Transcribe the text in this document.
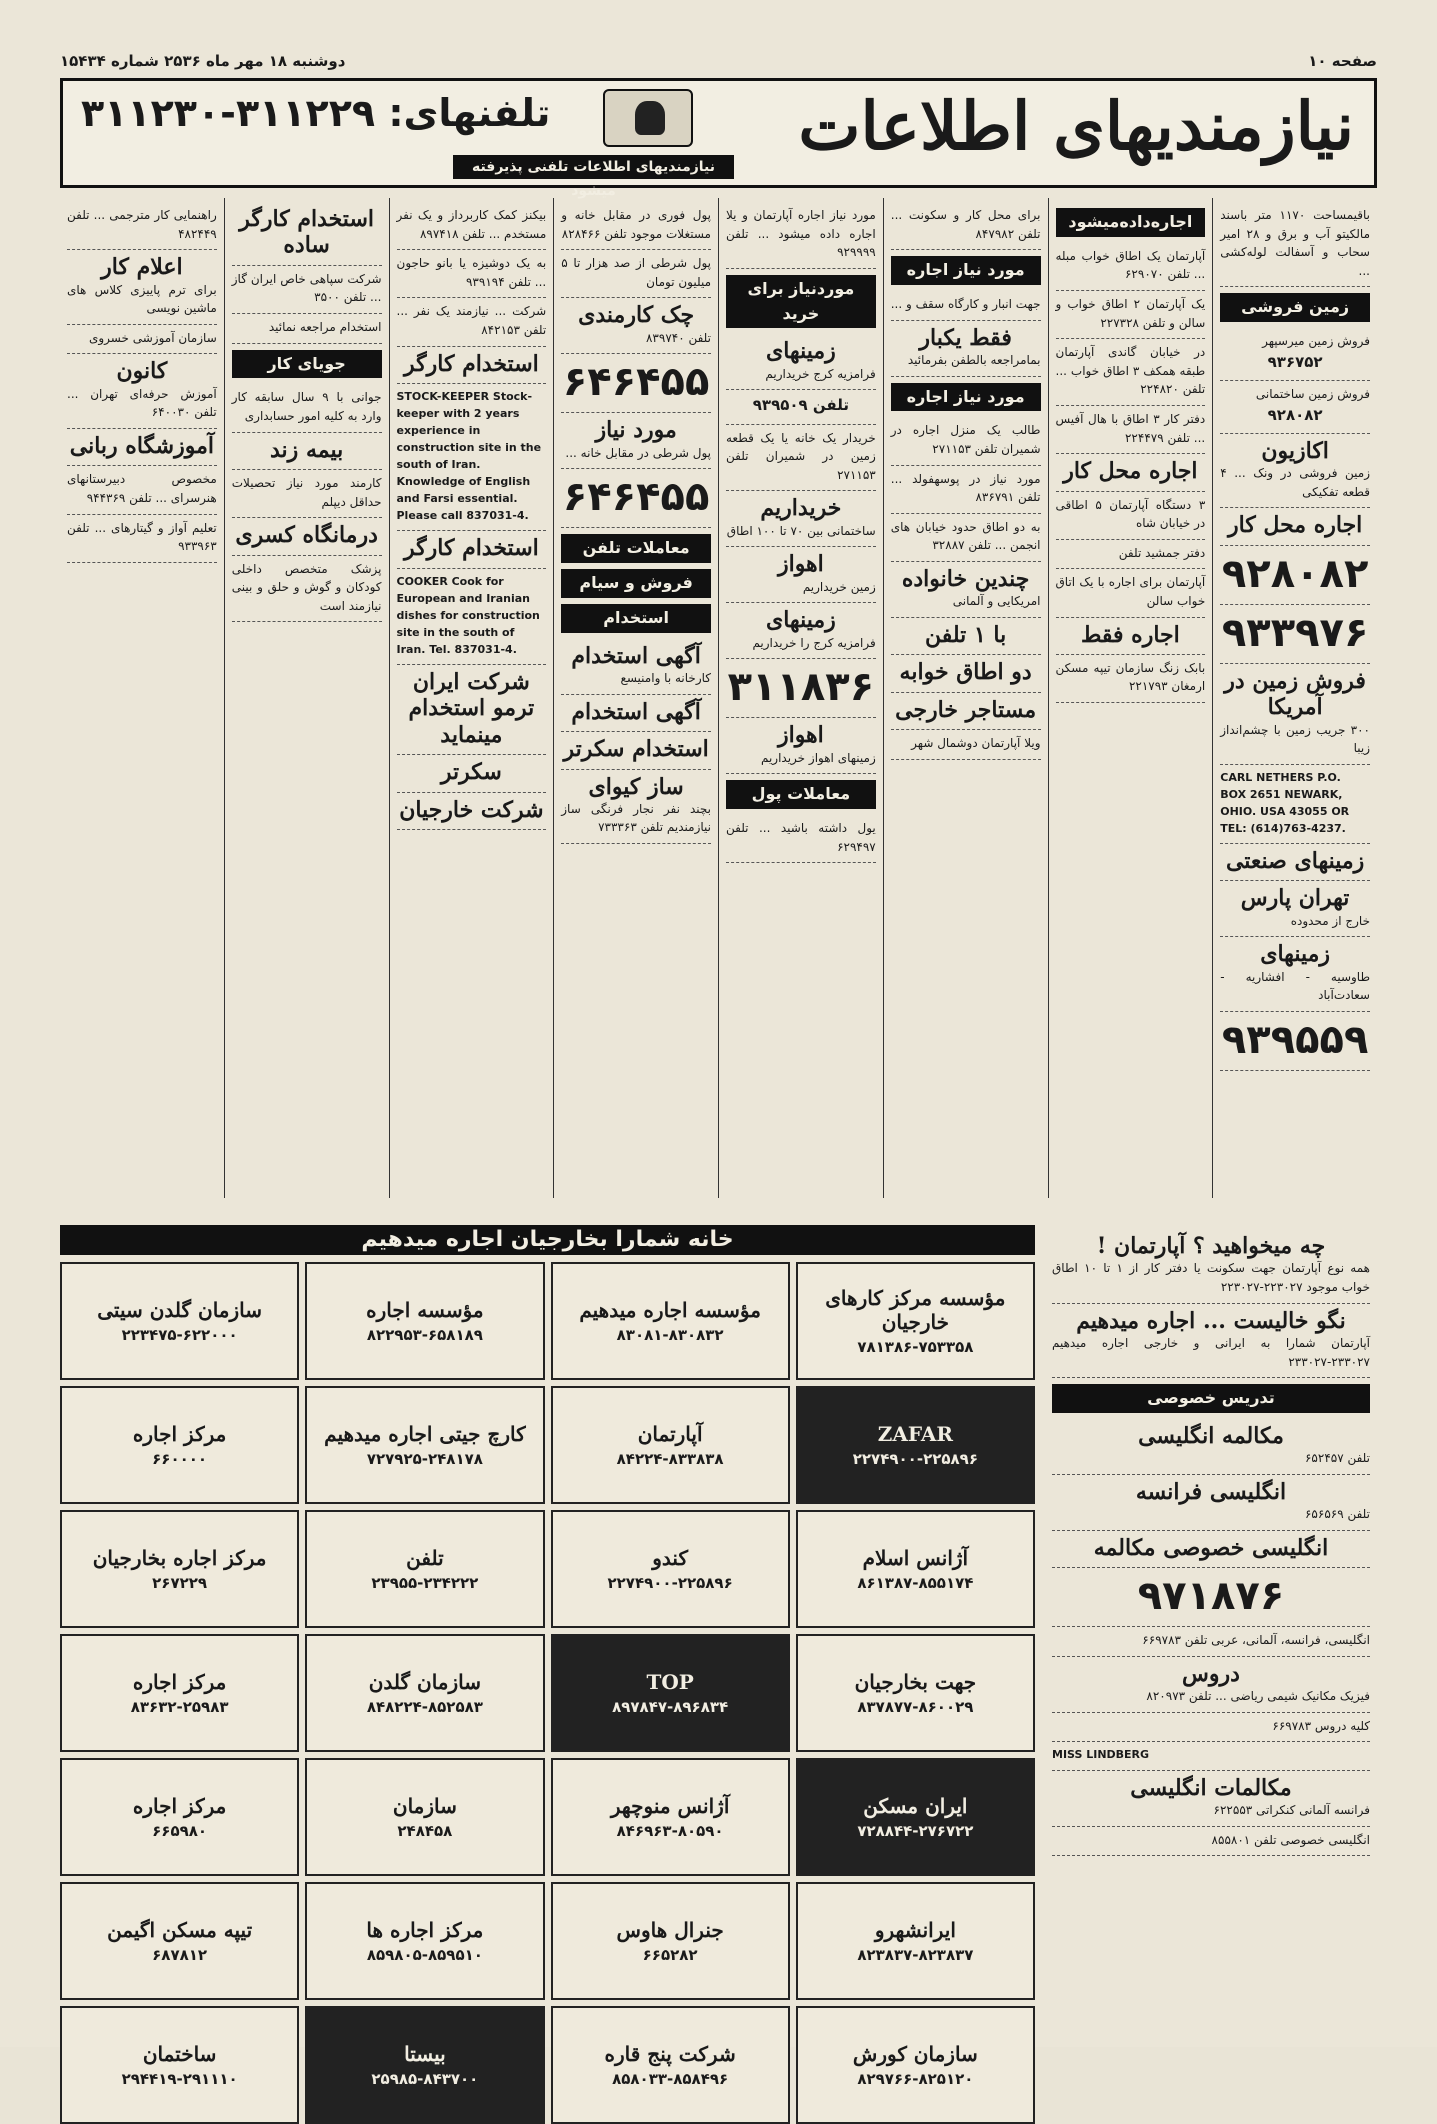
صفحه ۱۰
دوشنبه ۱۸ مهر ماه ۲۵۳۶ شماره ۱۵۴۳۴
نیازمندیهای اطلاعات
تلفنهای: ۳۱۱۲۲۹-۳۱۱۲۳۰
نیازمندیهای اطلاعات تلفنی پذیرفته میشود
باقیمساحت ۱۱۷۰ متر باسند مالکیتو آب و برق و ۲۸ امیر سحاب و آسفالت لوله‌کشی ...
زمین فروشی
فروش زمین میرسپهر
۹۳۶۷۵۲
فروش زمین ساختمانی
۹۲۸۰۸۲
اکازیون
زمین فروشی در ونک ... ۴ قطعه تفکیکی
اجاره محل کار
۹۲۸۰۸۲
۹۳۳۹۷۶
فروش زمین در آمریکا
۳۰۰ جریب زمین با چشم‌انداز زیبا
CARL NETHERS P.O. BOX 2651 NEWARK, OHIO. USA 43055 OR TEL: (614)763-4237.
زمینهای صنعتی
تهران پارس
خارج از محدوده
زمینهای
طاوسیه - افشاریه - سعادت‌آباد
۹۳۹۵۵۹
اجاره‌داده‌میشود
آپارتمان یک اطاق خواب مبله ... تلفن ۶۲۹۰۷۰
یک آپارتمان ۲ اطاق خواب و سالن و تلفن ۲۲۷۳۲۸
در خیابان گاندی آپارتمان طبقه همکف ۳ اطاق خواب ... تلفن ۲۲۴۸۲۰
دفتر کار ۳ اطاق با هال آفیس ... تلفن ۲۲۴۴۷۹
اجاره محل کار
۳ دستگاه آپارتمان ۵ اطاقی در خیابان شاه
دفتر جمشید تلفن
آپارتمان برای اجاره با یک اتاق خواب سالن
اجاره فقط
بابک زنگ سازمان تیپه مسکن ارمغان ۲۲۱۷۹۳
برای محل کار و سکونت ... تلفن ۸۴۷۹۸۲
مورد نیاز اجاره
جهت انبار و کارگاه سقف و ...
فقط یکبار
بمامراجعه بالطفن بفرمائید
مورد نیاز اجاره
طالب یک منزل اجاره در شمیران تلفن ۲۷۱۱۵۳
مورد نیاز در پوسهفولد ... تلفن ۸۳۶۷۹۱
به دو اطاق حدود خیابان های انجمن ... تلفن ۳۲۸۸۷
چندین خانواده
امریکایی و آلمانی
با ۱ تلفن
دو اطاق خوابه
مستاجر خارجی
ویلا آپارتمان دوشمال شهر
مورد نیاز اجاره آپارتمان و یلا اجاره داده میشود ... تلفن ۹۲۹۹۹۹
موردنیاز برای خرید
زمینهای
فرامزیه کرج خریداریم
تلفن ۹۳۹۵۰۹
خریدار یک خانه یا یک قطعه زمین در شمیران تلفن ۲۷۱۱۵۳
خریداریم
ساختمانی بین ۷۰ تا ۱۰۰ اطاق
اهواز
زمین خریداریم
زمینهای
فرامزیه کرج را خریداریم
۳۱۱۸۳۶
اهواز
زمینهای اهواز خریداریم
معاملات پول
یول داشته باشید ... تلفن ۶۲۹۴۹۷
پول فوری در مقابل خانه و مستغلات موجود تلفن ۸۲۸۴۶۶
پول شرطی از صد هزار تا ۵ میلیون تومان
چک کارمندی
تلفن ۸۳۹۷۴۰
۶۴۶۴۵۵
مورد نیاز
پول شرطی در مقابل خانه ...
۶۴۶۴۵۵
معاملات تلفن
فروش و سیام
استخدام
آگهی استخدام
کارخانه با وامنیسع
آگهی استخدام
استخدام سکرتر
ساز کیوای
بچند نفر نجار فرنگی ساز نیازمندیم تلفن ۷۳۳۳۶۳
بیکنز کمک کاربرداز و یک نفر مستخدم ... تلفن ۸۹۷۴۱۸
به یک دوشیزه یا بانو حاجون ... تلفن ۹۳۹۱۹۴
شرکت ... نیازمند یک نفر ... تلفن ۸۴۲۱۵۳
استخدام کارگر
STOCK-KEEPER Stock-keeper with 2 years experience in construction site in the south of Iran. Knowledge of English and Farsi essential. Please call 837031-4.
استخدام کارگر
COOKER Cook for European and Iranian dishes for construction site in the south of Iran. Tel. 837031-4.
شرکت ایران ترمو استخدام مینماید
سکرتر
شرکت خارجیان
استخدام کارگر ساده
شرکت سپاهی خاص ایران گاز ... تلفن ۳۵۰۰
استخدام مراجعه نمائید
جویای کار
جوانی با ۹ سال سابقه کار وارد به کلیه امور حسابداری
بیمه زند
کارمند مورد نیاز تحصیلات حداقل دیپلم
درمانگاه کسری
پزشک متخصص داخلی کودکان و گوش و حلق و بینی نیازمند است
راهنمایی کار مترجمی ... تلفن ۴۸۲۴۴۹
اعلام کار
برای ترم پاییزی کلاس های ماشین نویسی
سازمان آموزشی خسروی
کانون
آموزش حرفه‌ای تهران ... تلفن ۶۴۰۰۳۰
آموزشگاه ربانی
مخصوص دبیرستانهای هنرسرای ... تلفن ۹۴۴۳۶۹
تعلیم آواز و گیتارهای ... تلفن ۹۳۳۹۶۳
خانه شمارا بخارجیان اجاره میدهیم
مؤسسه مرکز کارهای خارجیان
۷۸۱۳۸۶-۷۵۳۳۵۸
مؤسسه اجاره میدهیم
۸۳۰۸۱-۸۳۰۸۳۲
مؤسسه اجاره
۸۲۲۹۵۳-۶۵۸۱۸۹
سازمان گلدن سیتی
۲۲۳۴۷۵-۶۲۲۰۰۰
ZAFAR
۲۲۷۴۹۰۰-۲۲۵۸۹۶
آپارتمان
۸۴۲۲۴-۸۳۳۸۳۸
کارچ جیتی اجاره میدهیم
۷۲۷۹۲۵-۲۴۸۱۷۸
مرکز اجاره
۶۶۰۰۰۰
آژانس اسلام
۸۶۱۳۸۷-۸۵۵۱۷۴
کندو
۲۲۷۴۹۰۰-۲۲۵۸۹۶
تلفن
۲۳۹۵۵-۲۳۴۲۲۲
مرکز اجاره بخارجیان
۲۶۷۲۲۹
جهت بخارجیان
۸۳۷۸۷۷-۸۶۰۰۲۹
TOP
۸۹۷۸۴۷-۸۹۶۸۳۴
سازمان گلدن
۸۴۸۲۲۴-۸۵۲۵۸۳
مرکز اجاره
۸۳۶۳۲-۲۵۹۸۳
ایران مسکن
۷۲۸۸۴۴-۲۷۶۷۲۲
آژانس منوچهر
۸۴۶۹۶۳-۸۰۵۹۰
سازمان
۲۴۸۴۵۸
مرکز اجاره
۶۶۵۹۸۰
ایرانشهرو
۸۲۳۸۳۷-۸۲۳۸۳۷
جنرال هاوس
۶۶۵۲۸۲
مرکز اجاره ها
۸۵۹۸۰۵-۸۵۹۵۱۰
تیپه مسکن اگیمن
۶۸۷۸۱۲
سازمان کورش
۸۲۹۷۶۶-۸۲۵۱۲۰
شرکت پنج قاره
۸۵۸۰۳۳-۸۵۸۴۹۶
بیستا
۲۵۹۸۵-۸۴۳۷۰۰
ساختمان
۲۹۴۴۱۹-۲۹۱۱۱۰
چه میخواهید ؟ آپارتمان !
همه نوع آپارتمان جهت سکونت یا دفتر کار از ۱ تا ۱۰ اطاق خواب موجود ۲۲۳۰۲۷-۲۲۳۰۲۷
نگو خالیست ... اجاره میدهیم
آپارتمان شمارا به ایرانی و خارجی اجاره میدهیم ۲۳۳۰۲۷-۲۳۳۰۲۷
تدریس خصوصی
مکالمه انگلیسی
تلفن ۶۵۲۴۵۷
انگلیسی فرانسه
تلفن ۶۵۶۵۶۹
انگلیسی خصوصی مکالمه
۹۷۱۸۷۶
انگلیسی، فرانسه، آلمانی، عربی تلفن ۶۶۹۷۸۳
دروس
فیزیک مکانیک شیمی ریاضی ... تلفن ۸۲۰۹۷۳
کلیه دروس ۶۶۹۷۸۳
MISS LINDBERG
مکالمات انگلیسی
فرانسه آلمانی کنکراتی ۶۲۲۵۵۳
انگلیسی خصوصی تلفن ۸۵۵۸۰۱
